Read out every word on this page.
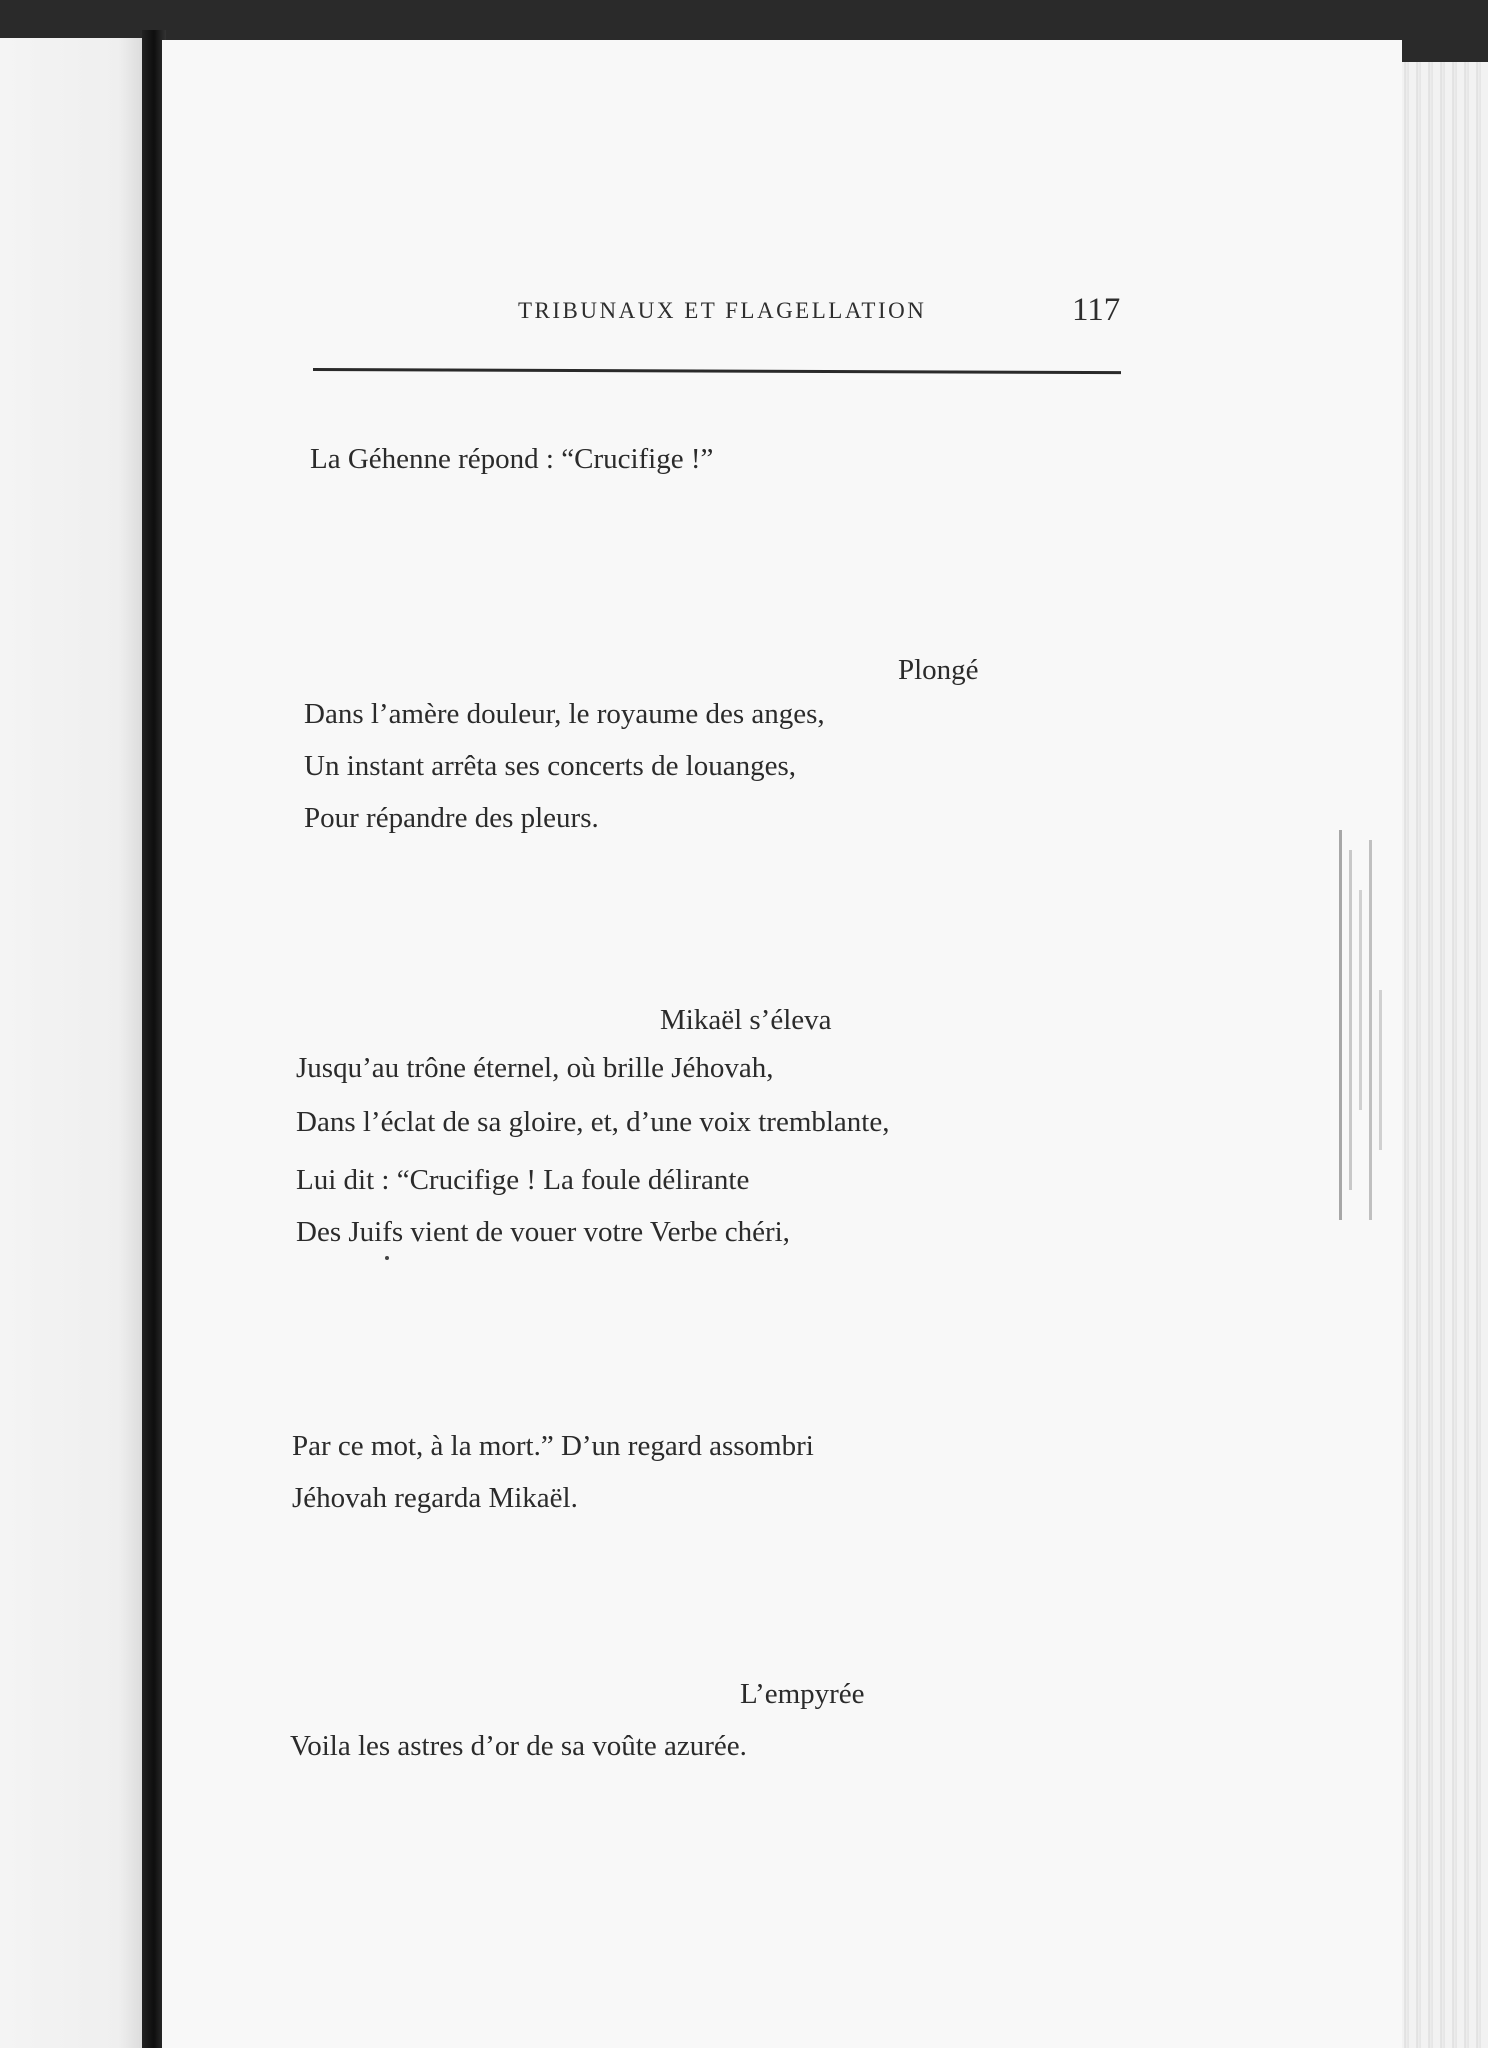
TRIBUNAUX ET FLAGELLATION	117
La Géhenne répond : “Crucifige !”
Plongé
Dans l’amère douleur, le royaume des anges,
Un instant arrêta ses concerts de louanges,
Pour répandre des pleurs.
Mikaël s’éleva
Jusqu’au trône éternel, où brille Jéhovah,
Dans l’éclat de sa gloire, et, d’une voix tremblante,
Lui dit : “Crucifige ! La foule délirante
Des Juifs vient de vouer votre Verbe chéri,
Par ce mot, à la mort.” D’un regard assombri
Jéhovah regarda Mikaël.
L’empyrée
Voila les astres d’or de sa voûte azurée.
